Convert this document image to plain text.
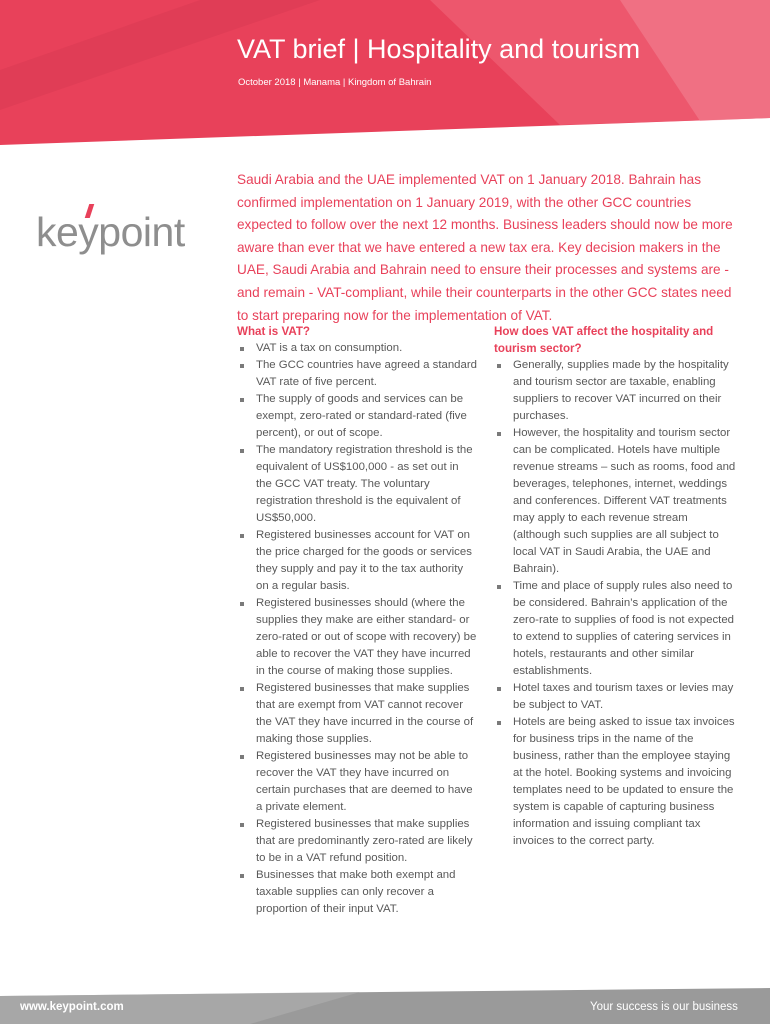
VAT brief | Hospitality and tourism
October 2018 | Manama | Kingdom of Bahrain
keypoint

Saudi Arabia and the UAE implemented VAT on 1 January 2018. Bahrain has confirmed implementation on 1 January 2019, with the other GCC countries expected to follow over the next 12 months. Business leaders should now be more aware than ever that we have entered a new tax era. Key decision makers in the UAE, Saudi Arabia and Bahrain need to ensure their processes and systems are - and remain - VAT-compliant, while their counterparts in the other GCC states need to start preparing now for the implementation of VAT.

What is VAT?
VAT is a tax on consumption.
The GCC countries have agreed a standard VAT rate of five percent.
The supply of goods and services can be exempt, zero-rated or standard-rated (five percent), or out of scope.
The mandatory registration threshold is the equivalent of US$100,000 - as set out in the GCC VAT treaty. The voluntary registration threshold is the equivalent of US$50,000.
Registered businesses account for VAT on the price charged for the goods or services they supply and pay it to the tax authority on a regular basis.
Registered businesses should (where the supplies they make are either standard- or zero-rated or out of scope with recovery) be able to recover the VAT they have incurred in the course of making those supplies.
Registered businesses that make supplies that are exempt from VAT cannot recover the VAT they have incurred in the course of making those supplies.
Registered businesses may not be able to recover the VAT they have incurred on certain purchases that are deemed to have a private element.
Registered businesses that make supplies that are predominantly zero-rated are likely to be in a VAT refund position.
Businesses that make both exempt and taxable supplies can only recover a proportion of their input VAT.
How does VAT affect the hospitality and tourism sector?
Generally, supplies made by the hospitality and tourism sector are taxable, enabling suppliers to recover VAT incurred on their purchases.
However, the hospitality and tourism sector can be complicated. Hotels have multiple revenue streams – such as rooms, food and beverages, telephones, internet, weddings and conferences. Different VAT treatments may apply to each revenue stream (although such supplies are all subject to local VAT in Saudi Arabia, the UAE and Bahrain).
Time and place of supply rules also need to be considered. Bahrain’s application of the zero-rate to supplies of food is not expected to extend to supplies of catering services in hotels, restaurants and other similar establishments.
Hotel taxes and tourism taxes or levies may be subject to VAT.
Hotels are being asked to issue tax invoices for business trips in the name of the business, rather than the employee staying at the hotel. Booking systems and invoicing templates need to be updated to ensure the system is capable of capturing business information and issuing compliant tax invoices to the correct party.
www.keypoint.com	Your success is our business
